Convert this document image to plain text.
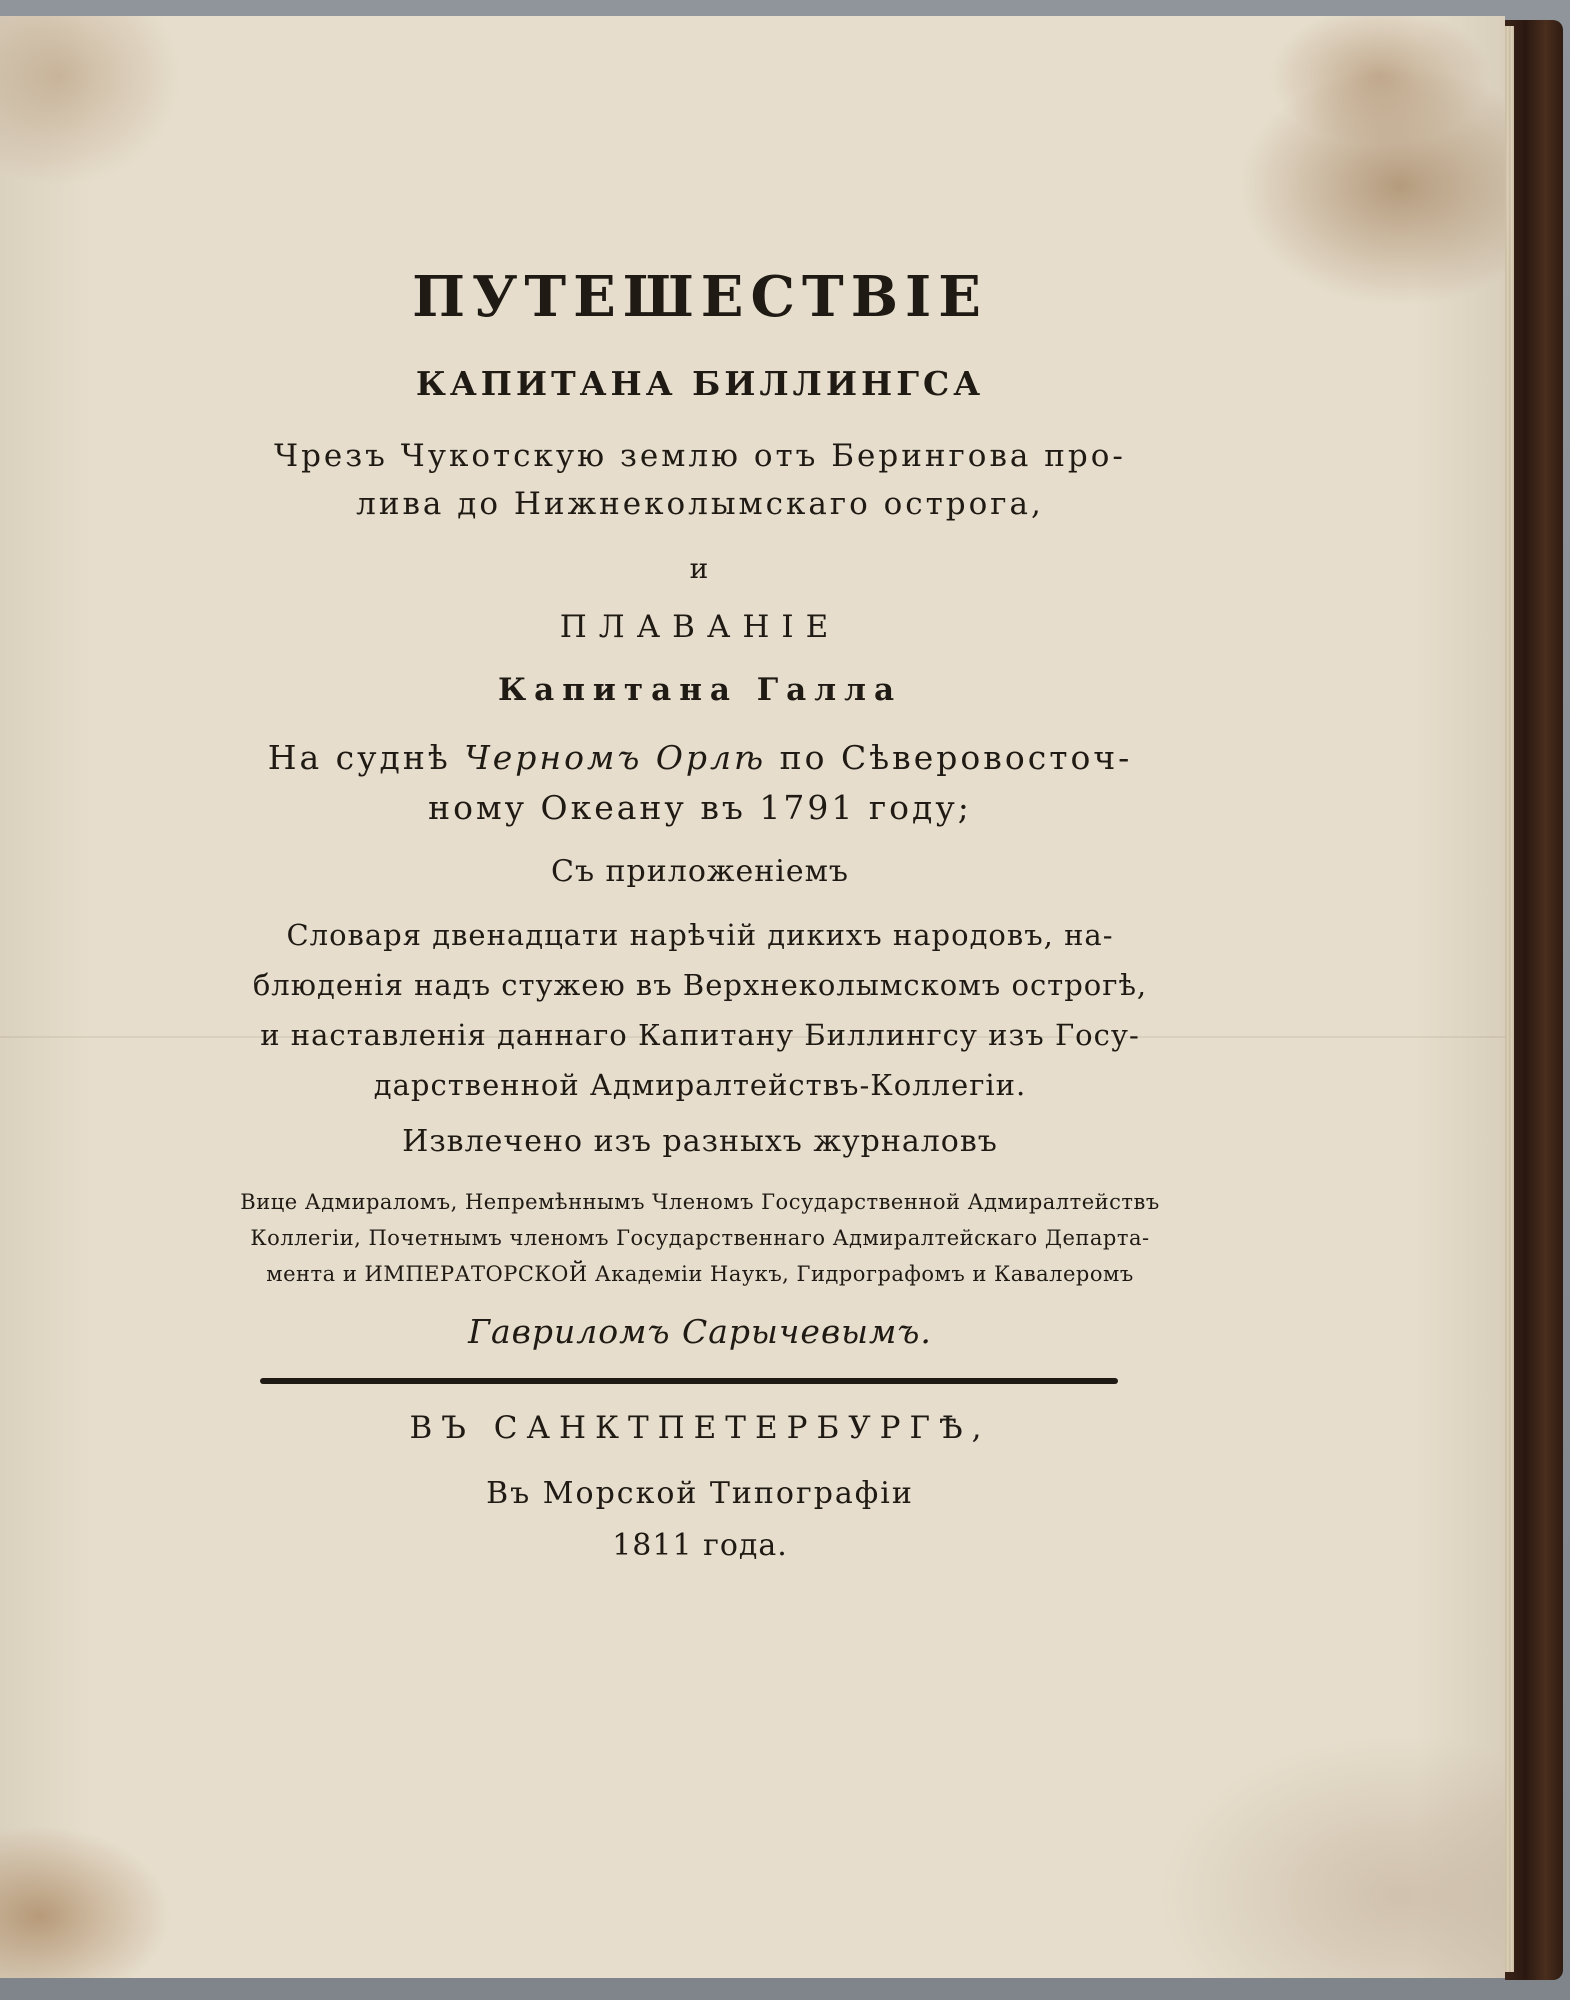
ПУТЕШЕСТВІЕ
КАПИТАНА БИЛЛИНГСА
Чрезъ Чукотскую землю отъ Берингова про-
лива до Нижнеколымскаго острога,
и
ПЛАВАНІЕ
Капитана Галла
На суднѣ Черномъ Орлѣ по Сѣверовосточ-
ному Океану въ 1791 году;
Съ приложеніемъ
Словаря двенадцати нарѣчій дикихъ народовъ, на-
блюденія надъ стужею въ Верхнеколымскомъ острогѣ,
и наставленія даннаго Капитану Биллингсу изъ Госу-
дарственной Адмиралтействъ-Коллегіи.
Извлечено изъ разныхъ журналовъ
Вице Адмираломъ, Непремѣннымъ Членомъ Государственной Адмиралтействъ
Коллегіи, Почетнымъ членомъ Государственнаго Адмиралтейскаго Департа-
мента и ИМПЕРАТОРСКОЙ Академіи Наукъ, Гидрографомъ и Кавалеромъ
Гавриломъ Сарычевымъ.
ВЪ САНКТПЕТЕРБУРГѢ,
Въ Морской Типографіи
1811 года.
